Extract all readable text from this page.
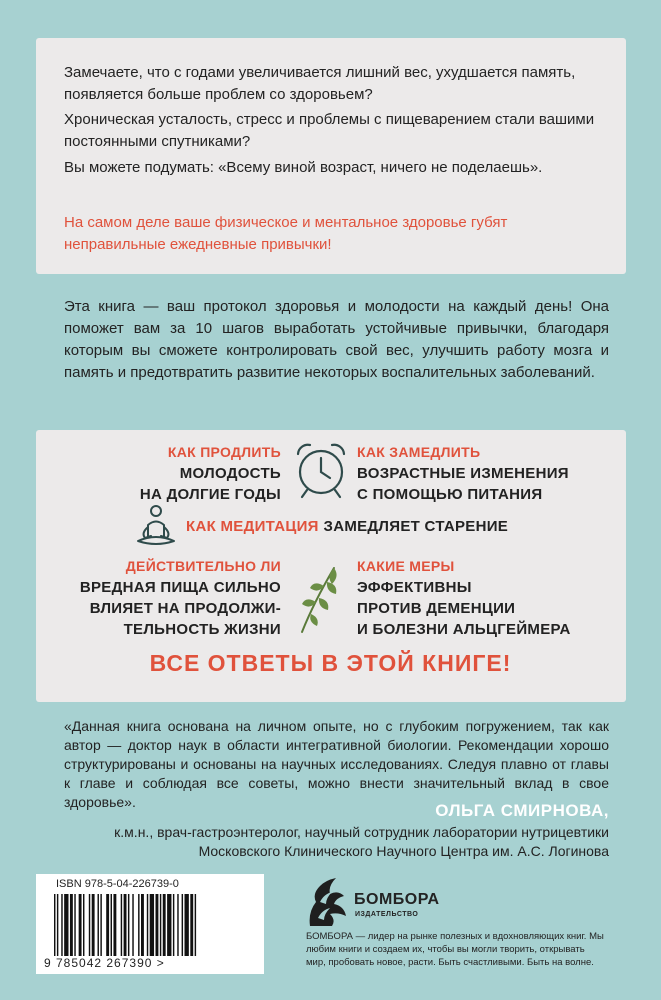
Замечаете, что с годами увеличивается лишний вес, ухудшается память, появляется больше проблем со здоровьем?

Хроническая усталость, стресс и проблемы с пищеварением стали вашими постоянными спутниками?

Вы можете подумать: «Всему виной возраст, ничего не поделаешь».

На самом деле ваше физическое и ментальное здоровье губят неправильные ежедневные привычки!

Эта книга — ваш протокол здоровья и молодости на каждый день! Она поможет вам за 10 шагов выработать устойчивые привычки, благодаря которым вы сможете контролировать свой вес, улучшить работу мозга и память и предотвратить развитие некоторых воспалительных заболеваний.

КАК ПРОДЛИТЬ
МОЛОДОСТЬ
НА ДОЛГИЕ ГОДЫ
КАК ЗАМЕДЛИТЬ
ВОЗРАСТНЫЕ ИЗМЕНЕНИЯ
С ПОМОЩЬЮ ПИТАНИЯ
КАК МЕДИТАЦИЯ ЗАМЕДЛЯЕТ СТАРЕНИЕ
ДЕЙСТВИТЕЛЬНО ЛИ
ВРЕДНАЯ ПИЩА СИЛЬНО
ВЛИЯЕТ НА ПРОДОЛЖИ-
ТЕЛЬНОСТЬ ЖИЗНИ
КАКИЕ МЕРЫ
ЭФФЕКТИВНЫ
ПРОТИВ ДЕМЕНЦИИ
И БОЛЕЗНИ АЛЬЦГЕЙМЕРА
ВСЕ ОТВЕТЫ В ЭТОЙ КНИГЕ!

«Данная книга основана на личном опыте, но с глубоким погружением, так как автор — доктор наук в области интегративной биологии. Рекомендации хорошо структурированы и основаны на научных исследованиях. Следуя плавно от главы к главе и соблюдая все советы, можно внести значительный вклад в свое здоровье».	ОЛЬГА СМИРНОВА,
к.м.н., врач-гастроэнтеролог, научный сотрудник лаборатории нутрицевтики
Московского Клинического Научного Центра им. А.С. Логинова
ISBN 978-5-04-226739-0
9 785042 267390 >
БОМБОРА
ИЗДАТЕЛЬСТВО
БОМБОРА — лидер на рынке полезных и вдохновляющих книг. Мы любим книги и создаем их, чтобы вы могли творить, открывать мир, пробовать новое, расти. Быть счастливыми. Быть на волне.
